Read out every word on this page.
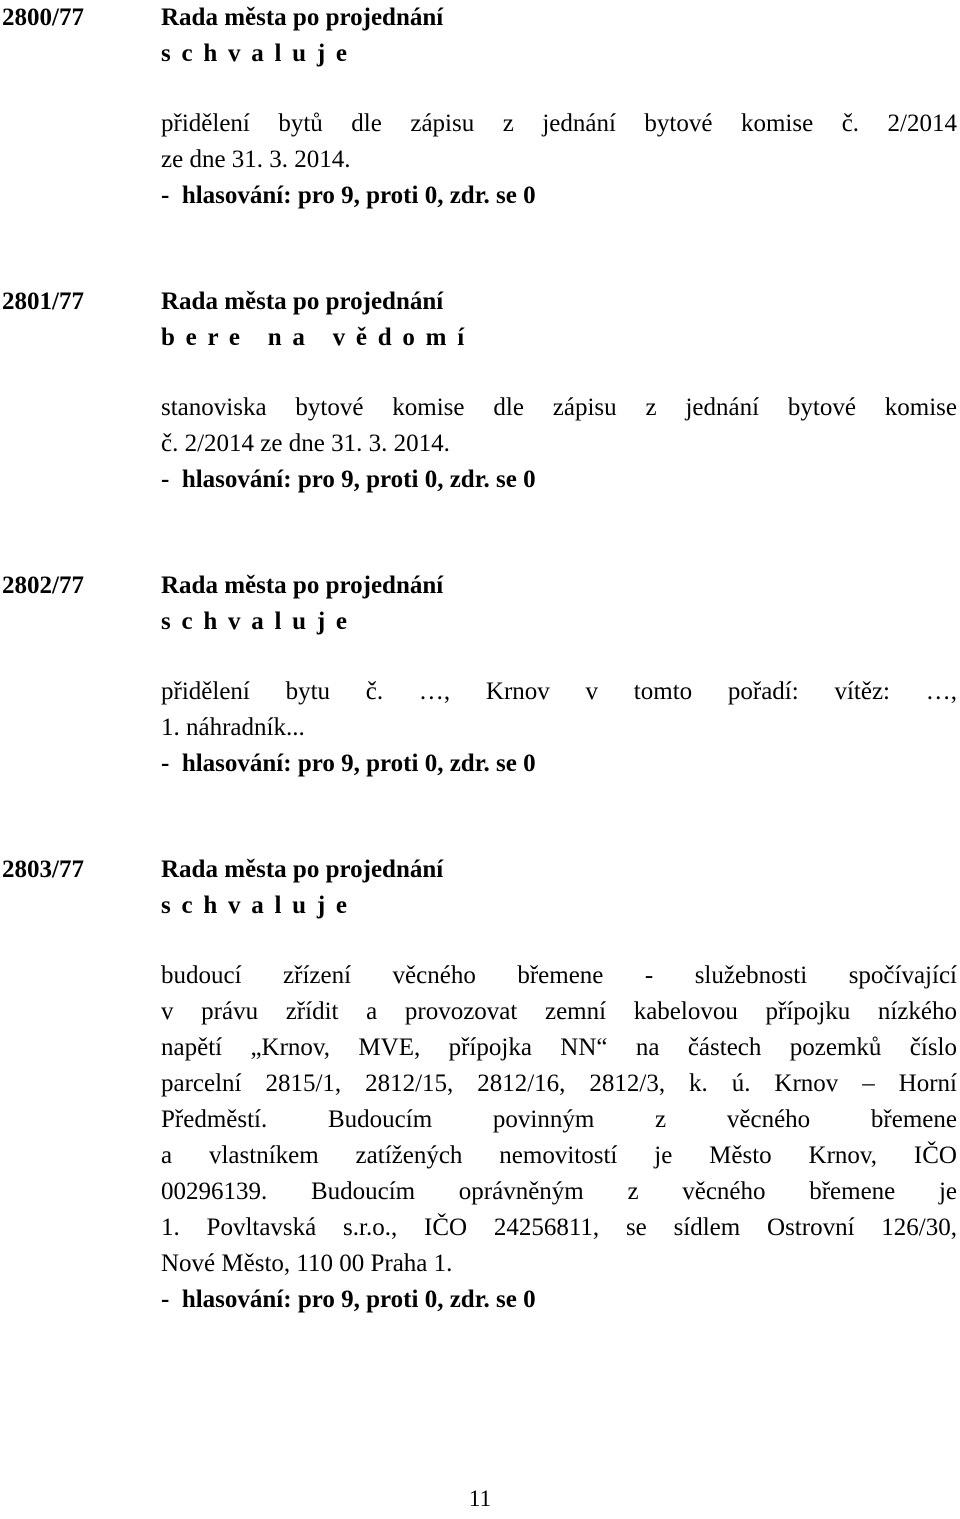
2800/77	Rada města po projednání
schvaluje

přidělení bytů dle zápisu z jednání bytové komise č. 2/2014

ze dne 31. 3. 2014.

-  hlasování: pro 9, proti 0, zdr. se 0
2801/77	Rada města po projednání
bere na vědomí

stanoviska bytové komise dle zápisu z jednání bytové komise

č. 2/2014 ze dne 31. 3. 2014.

-  hlasování: pro 9, proti 0, zdr. se 0
2802/77	Rada města po projednání
schvaluje

přidělení bytu č. …, Krnov v tomto pořadí: vítěz: …,

1. náhradník...

-  hlasování: pro 9, proti 0, zdr. se 0
2803/77	Rada města po projednání
schvaluje

budoucí zřízení věcného břemene - služebnosti spočívající

v právu zřídit a provozovat zemní kabelovou přípojku nízkého

napětí „Krnov, MVE, přípojka NN“ na částech pozemků číslo

parcelní 2815/1, 2812/15, 2812/16, 2812/3, k. ú. Krnov – Horní

Předměstí. Budoucím povinným z věcného břemene

a vlastníkem zatížených nemovitostí je Město Krnov, IČO

00296139. Budoucím oprávněným z věcného břemene je

1. Povltavská s.r.o., IČO 24256811, se sídlem Ostrovní 126/30,

Nové Město, 110 00 Praha 1.

-  hlasování: pro 9, proti 0, zdr. se 0
11
